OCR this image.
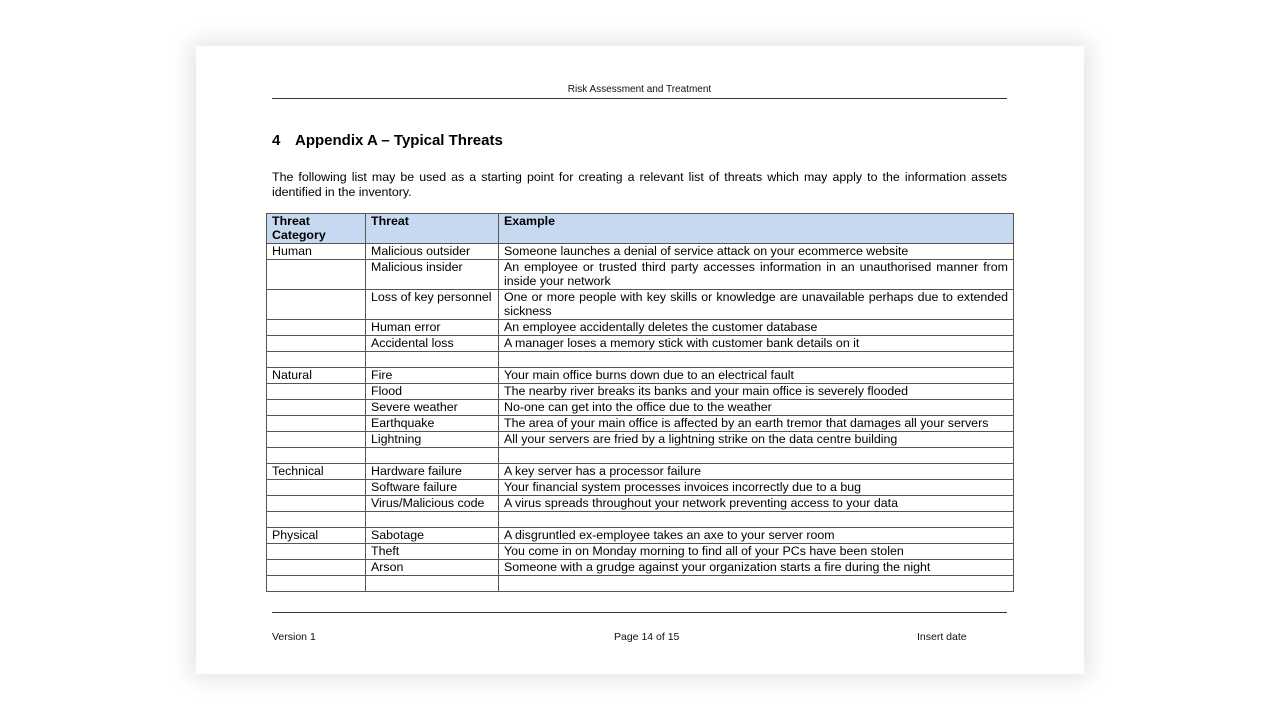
Risk Assessment and Treatment
4 Appendix A – Typical Threats
The following list may be used as a starting point for creating a relevant list of threats which may apply to the information assets identified in the inventory.
Threat Category	Threat	Example
Human	Malicious outsider	Someone launches a denial of service attack on your ecommerce website
	Malicious insider	An employee or trusted third party accesses information in an unauthorised manner from inside your network
	Loss of key personnel	One or more people with key skills or knowledge are unavailable perhaps due to extended sickness
	Human error	An employee accidentally deletes the customer database
	Accidental loss	A manager loses a memory stick with customer bank details on it

Natural	Fire	Your main office burns down due to an electrical fault
	Flood	The nearby river breaks its banks and your main office is severely flooded
	Severe weather	No-one can get into the office due to the weather
	Earthquake	The area of your main office is affected by an earth tremor that damages all your servers
	Lightning	All your servers are fried by a lightning strike on the data centre building

Technical	Hardware failure	A key server has a processor failure
	Software failure	Your financial system processes invoices incorrectly due to a bug
	Virus/Malicious code	A virus spreads throughout your network preventing access to your data

Physical	Sabotage	A disgruntled ex-employee takes an axe to your server room
	Theft	You come in on Monday morning to find all of your PCs have been stolen
	Arson	Someone with a grudge against your organization starts a fire during the night

Version 1	Page 14 of 15	Insert date
